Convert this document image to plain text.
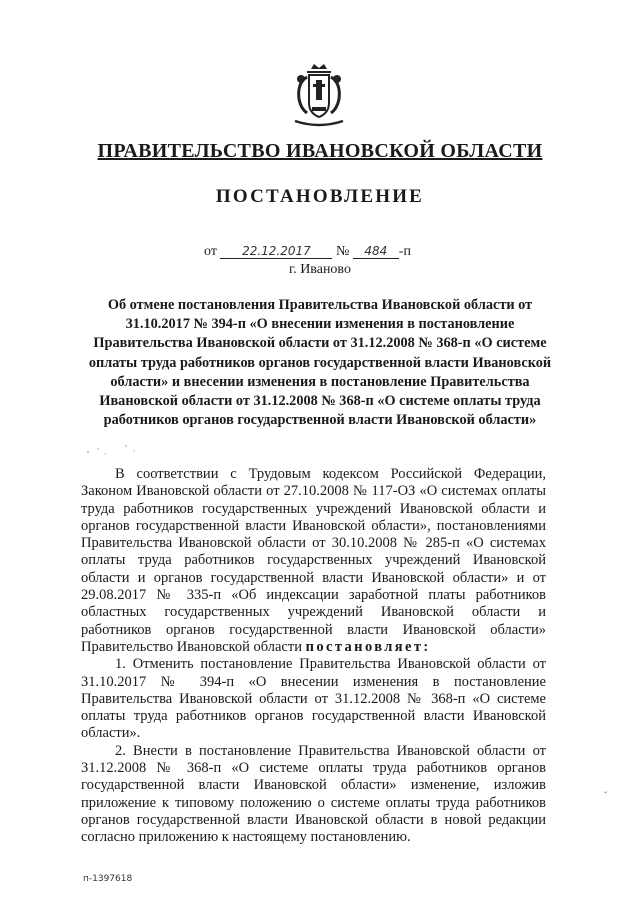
ПРАВИТЕЛЬСТВО ИВАНОВСКОЙ ОБЛАСТИ
ПОСТАНОВЛЕНИЕ
от 22.12.2017 № 484 -п
г. Иваново
Об отмене постановления Правительства Ивановской области от 31.10.2017 № 394-п «О внесении изменения в постановление Правительства Ивановской области от 31.12.2008 № 368-п «О системе оплаты труда работников органов государственной власти Ивановской области» и внесении изменения в постановление Правительства Ивановской области от 31.12.2008 № 368-п «О системе оплаты труда работников органов государственной власти Ивановской области»

В соответствии с Трудовым кодексом Российской Федерации, Законом Ивановской области от 27.10.2008 № 117-ОЗ «О системах оплаты труда работников государственных учреждений Ивановской области и органов государственной власти Ивановской области», постановлениями Правительства Ивановской области от 30.10.2008 № 285-п «О системах оплаты труда работников государственных учреждений Ивановской области и органов государственной власти Ивановской области» и от 29.08.2017 № 335-п «Об индексации заработной платы работников областных государственных учреждений Ивановской области и работников органов государственной власти Ивановской области» Правительство Ивановской области постановляет:

1. Отменить постановление Правительства Ивановской области от 31.10.2017 № 394-п «О внесении изменения в постановление Правительства Ивановской области от 31.12.2008 № 368-п «О системе оплаты труда работников органов государственной власти Ивановской области».

2. Внести в постановление Правительства Ивановской области от 31.12.2008 № 368-п «О системе оплаты труда работников органов государственной власти Ивановской области» изменение, изложив приложение к типовому положению о системе оплаты труда работников органов государственной власти Ивановской области в новой редакции согласно приложению к настоящему постановлению.

ˇ
п-1397618
